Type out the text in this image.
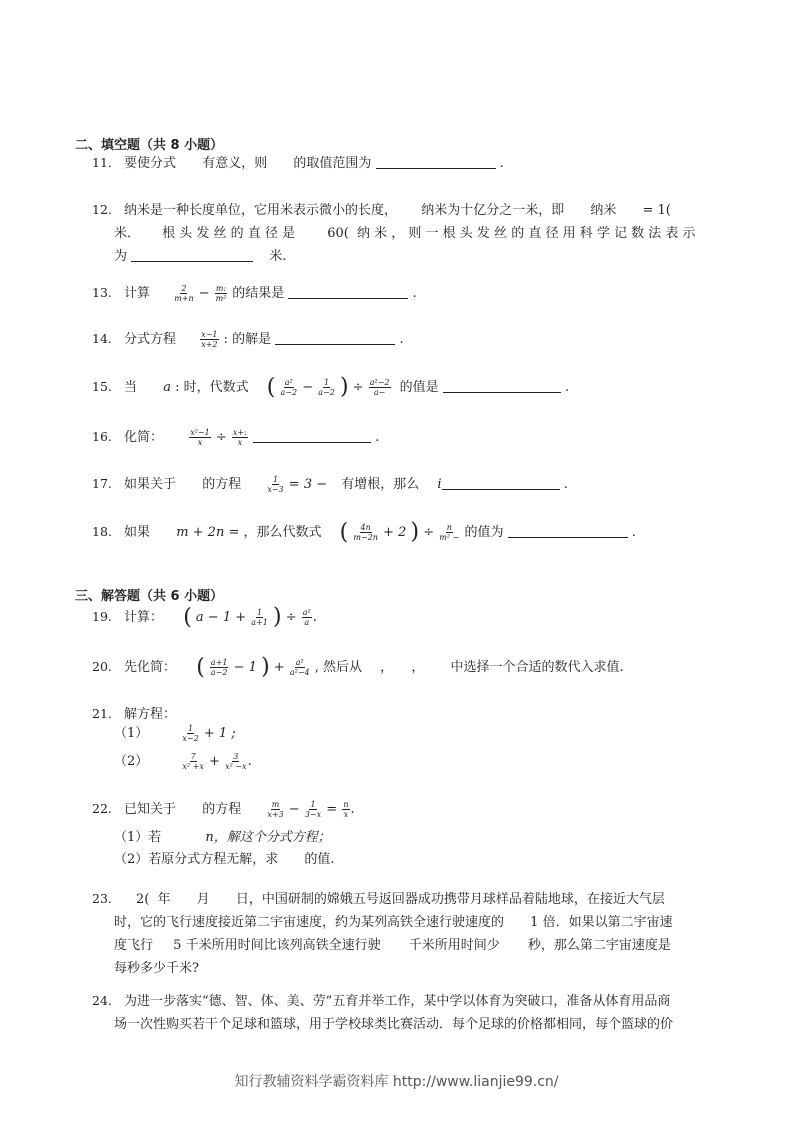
二、填空题（共 8 小题）
11. 要使分式 有意义，则 的取值范围为	.
12. 纳米是一种长度单位，它用米表示微小的长度， 纳米为十亿分之一米，即 纳米 = 1(
米． 根 头 发 丝 的 直 径 是 60( 纳 米 ， 则 一 根 头 发 丝 的 直 径 用 科 学 记 数 法 表 示
为	米.
13. 计算	$\frac{2}{m+n} - \frac{m:}{\text{m²}}$ 的结果是	.
14. 分式方程	$\frac{x-1}{x+2}$ : 的解是	.
15. 当 a : 时，代数式 ( $\frac{\text{a²}}{a-2} - \frac{1}{a-2}$ ) ÷ $\frac{\text{a²−2}}{a-}$ 的值是	.
16. 化简：	$\frac{\text{x²−1}}{x} \div \frac{x+:}{x}$	.
17. 如果关于 的方程	$\frac{1}{x-3} = 3$ − 有增根，那么 i	.
18. 如果 m + 2n = ，那么代数式 ( $\frac{4n}{m-2n} + 2$ ) ÷ $\frac{n}{\text{m² −}}$ 的值为	.
三、解答题（共 6 小题）
19. 计算： ( $a - 1 + \frac{1}{a+1}$ ) ÷ $\frac{\text{a²}}{a}$ .
20. 先化简： ( $\frac{a+1}{a-2} - 1$ ) + $\frac{\text{a²}}{\text{a²−4}}$ , 然后从 ， ， 中选择一个合适的数代入求值.
21. 解方程：
（1）	$\frac{1}{x-2} + 1$ ;
（2）	$\frac{7}{\text{x² +x}} + \frac{3}{\text{x² −x}}$ .
22. 已知关于 的方程	$\frac{m}{x+3} - \frac{1}{3-x} = \frac{n}{x}$ .
（1）若	n，解这个分式方程；
（2）若原分式方程无解，求 的值.
23. 2( 年 月 日，中国研制的嫦娥五号返回器成功携带月球样品着陆地球，在接近大气层
时，它的飞行速度接近第二宇宙速度，约为某列高铁全速行驶速度的 1 倍．如果以第二宇宙速
度飞行 5 千米所用时间比该列高铁全速行驶 千米所用时间少 秒，那么第二宇宙速度是
每秒多少千米?
24. 为进一步落实“德、智、体、美、劳”五育并举工作，某中学以体育为突破口，准备从体育用品商
场一次性购买若干个足球和篮球，用于学校球类比赛活动．每个足球的价格都相同，每个篮球的价
知行教辅资料学霸资料库 http://www.lianjie99.cn/
